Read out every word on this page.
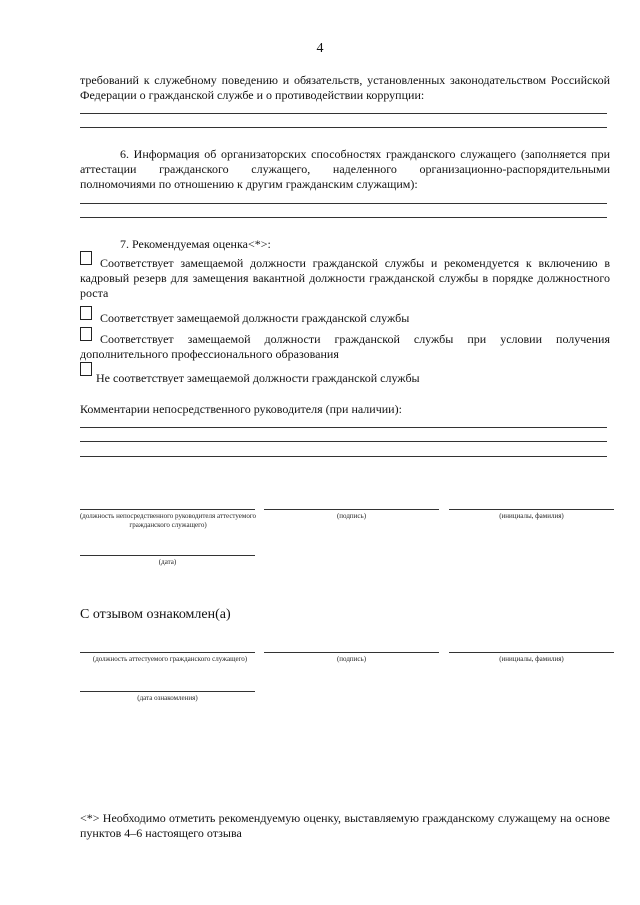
4
требований к служебному поведению и обязательств, установленных законодательством Российской Федерации о гражданской службе и о противодействии коррупции:
6. Информация об организаторских способностях гражданского служащего (заполняется при аттестации гражданского служащего, наделенного организационно-распорядительными полномочиями по отношению к другим гражданским служащим):
7. Рекомендуемая оценка<*>:
Соответствует замещаемой должности гражданской службы и рекомендуется к включению в кадровый резерв для замещения вакантной должности гражданской службы в порядке должностного роста
Соответствует замещаемой должности гражданской службы
Соответствует замещаемой должности гражданской службы при условии получения дополнительного профессионального образования
Не соответствует замещаемой должности гражданской службы
Комментарии непосредственного руководителя (при наличии):
(должность непосредственного руководителя аттестуемого гражданского служащего)
(подпись)	(инициалы, фамилия)
(дата)
С отзывом ознакомлен(а)
(должность аттестуемого гражданского служащего)	(подпись)	(инициалы, фамилия)
(дата ознакомления)
<*> Необходимо отметить рекомендуемую оценку, выставляемую гражданскому служащему на основе пунктов 4–6 настоящего отзыва
